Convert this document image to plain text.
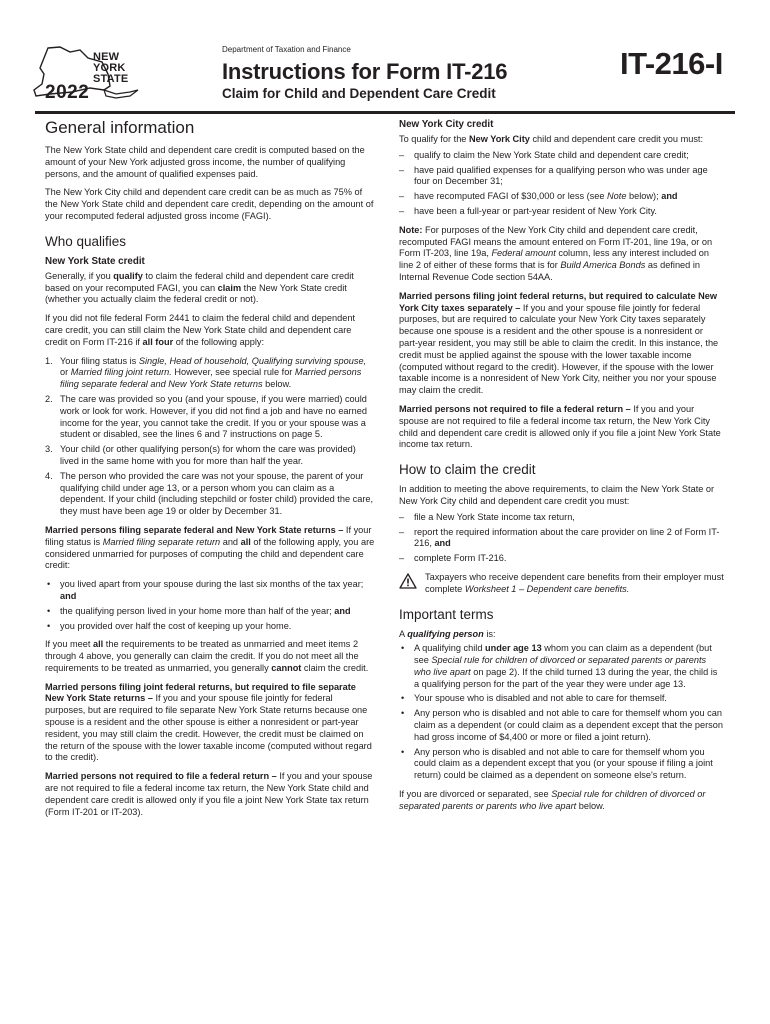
NEW
YORK
STATE
2022
Department of Taxation and Finance
Instructions for Form IT-216
Claim for Child and Dependent Care Credit
IT-216-I
General information

The New York State child and dependent care credit is computed based on the amount of your New York adjusted gross income, the number of qualifying persons, and the amount of qualified expenses paid.

The New York City child and dependent care credit can be as much as 75% of the New York State child and dependent care credit, depending on the amount of your recomputed federal adjusted gross income (FAGI).

Who qualifies
New York State credit

Generally, if you qualify to claim the federal child and dependent care credit based on your recomputed FAGI, you can claim the New York State credit (whether you actually claim the federal credit or not).

If you did not file federal Form 2441 to claim the federal child and dependent care credit, you can still claim the New York State child and dependent care credit on Form IT-216 if all four of the following apply:

1. Your filing status is Single, Head of household, Qualifying surviving spouse, or Married filing joint return. However, see special rule for Married persons filing separate federal and New York State returns below.
2. The care was provided so you (and your spouse, if you were married) could work or look for work. However, if you did not find a job and have no earned income for the year, you cannot take the credit. If you or your spouse was a student or disabled, see the lines 6 and 7 instructions on page 5.
3. Your child (or other qualifying person(s) for whom the care was provided) lived in the same home with you for more than half the year.
4. The person who provided the care was not your spouse, the parent of your qualifying child under age 13, or a person whom you can claim as a dependent. If your child (including stepchild or foster child) provided the care, they must have been age 19 or older by December 31.

Married persons filing separate federal and New York State returns – If your filing status is Married filing separate return and all of the following apply, you are considered unmarried for purposes of computing the child and dependent care credit:

• you lived apart from your spouse during the last six months of the tax year; and
• the qualifying person lived in your home more than half of the year; and
• you provided over half the cost of keeping up your home.

If you meet all the requirements to be treated as unmarried and meet items 2 through 4 above, you generally can claim the credit. If you do not meet all the requirements to be treated as unmarried, you generally cannot claim the credit.

Married persons filing joint federal returns, but required to file separate New York State returns – If you and your spouse file jointly for federal purposes, but are required to file separate New York State returns because one spouse is a resident and the other spouse is either a nonresident or part-year resident, you may still claim the credit. However, the credit must be claimed on the return of the spouse with the lower taxable income (computed without regard to the credit).

Married persons not required to file a federal return – If you and your spouse are not required to file a federal income tax return, the New York State child and dependent care credit is allowed only if you file a joint New York State tax return (Form IT-201 or IT-203).

New York City credit

To qualify for the New York City child and dependent care credit you must:

– qualify to claim the New York State child and dependent care credit;
– have paid qualified expenses for a qualifying person who was under age four on December 31;
– have recomputed FAGI of $30,000 or less (see Note below); and
– have been a full-year or part-year resident of New York City.

Note: For purposes of the New York City child and dependent care credit, recomputed FAGI means the amount entered on Form IT-201, line 19a, or on Form IT-203, line 19a, Federal amount column, less any interest included on line 2 of either of these forms that is for Build America Bonds as defined in Internal Revenue Code section 54AA.

Married persons filing joint federal returns, but required to calculate New York City taxes separately – If you and your spouse file jointly for federal purposes, but are required to calculate your New York City taxes separately because one spouse is a resident and the other spouse is a nonresident or part-year resident, you may still be able to claim the credit. In this instance, the credit must be applied against the spouse with the lower taxable income (computed without regard to the credit). However, if the spouse with the lower taxable income is a nonresident of New York City, neither you nor your spouse may claim the credit.

Married persons not required to file a federal return – If you and your spouse are not required to file a federal income tax return, the New York City child and dependent care credit is allowed only if you file a joint New York State income tax return.

How to claim the credit

In addition to meeting the above requirements, to claim the New York State or New York City child and dependent care credit you must:

– file a New York State income tax return,
– report the required information about the care provider on line 2 of Form IT-216, and
– complete Form IT-216.
Taxpayers who receive dependent care benefits from their employer must complete Worksheet 1 – Dependent care benefits.
Important terms

A qualifying person is:

• A qualifying child under age 13 whom you can claim as a dependent (but see Special rule for children of divorced or separated parents or parents who live apart on page 2). If the child turned 13 during the year, the child is a qualifying person for the part of the year they were under age 13.
• Your spouse who is disabled and not able to care for themself.
• Any person who is disabled and not able to care for themself whom you can claim as a dependent (or could claim as a dependent except that the person had gross income of $4,400 or more or filed a joint return).
• Any person who is disabled and not able to care for themself whom you could claim as a dependent except that you (or your spouse if filing a joint return) could be claimed as a dependent on someone else's return.

If you are divorced or separated, see Special rule for children of divorced or separated parents or parents who live apart below.
